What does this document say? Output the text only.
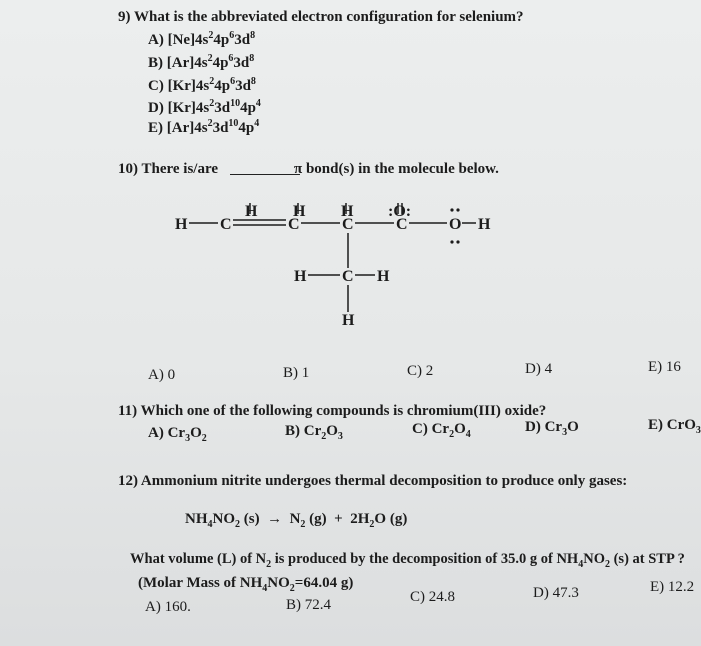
9) What is the abbreviated electron configuration for selenium?
A) $[Ne]4s^24p^63d^8$
B) $[Ar]4s^24p^63d^8$
C) $[Kr]4s^24p^63d^8$
D) $[Kr]4s^23d^{10}4p^4$
E) $[Ar]4s^23d^{10}4p^4$
10) There is/are	π bond(s) in the molecule below.
H H H :O:
H C	C	C	C	O H
H C H
H
A) 0	B) 1	C) 2	D) 4	E) 16
11) Which one of the following compounds is chromium(III) oxide?
A) $Cr_3O_2$	B) $Cr_2O_3$	C) $Cr_2O_4$	D) $Cr_3O$	E) CrO$_3$
12) Ammonium nitrite undergoes thermal decomposition to produce only gases:
$NH_4NO_2$ $(s) \to N_2$ $(g) + 2H_2O$ (g)
What volume (L) of $N_2$ is produced by the decomposition of 35.0 g of $NH_4NO_2$ (s) at STP ?
(Molar Mass of $NH_4NO_2=64.04$ g)
A) 160.	B) 72.4	C) 24.8	D) 47.3	E) 12.2
